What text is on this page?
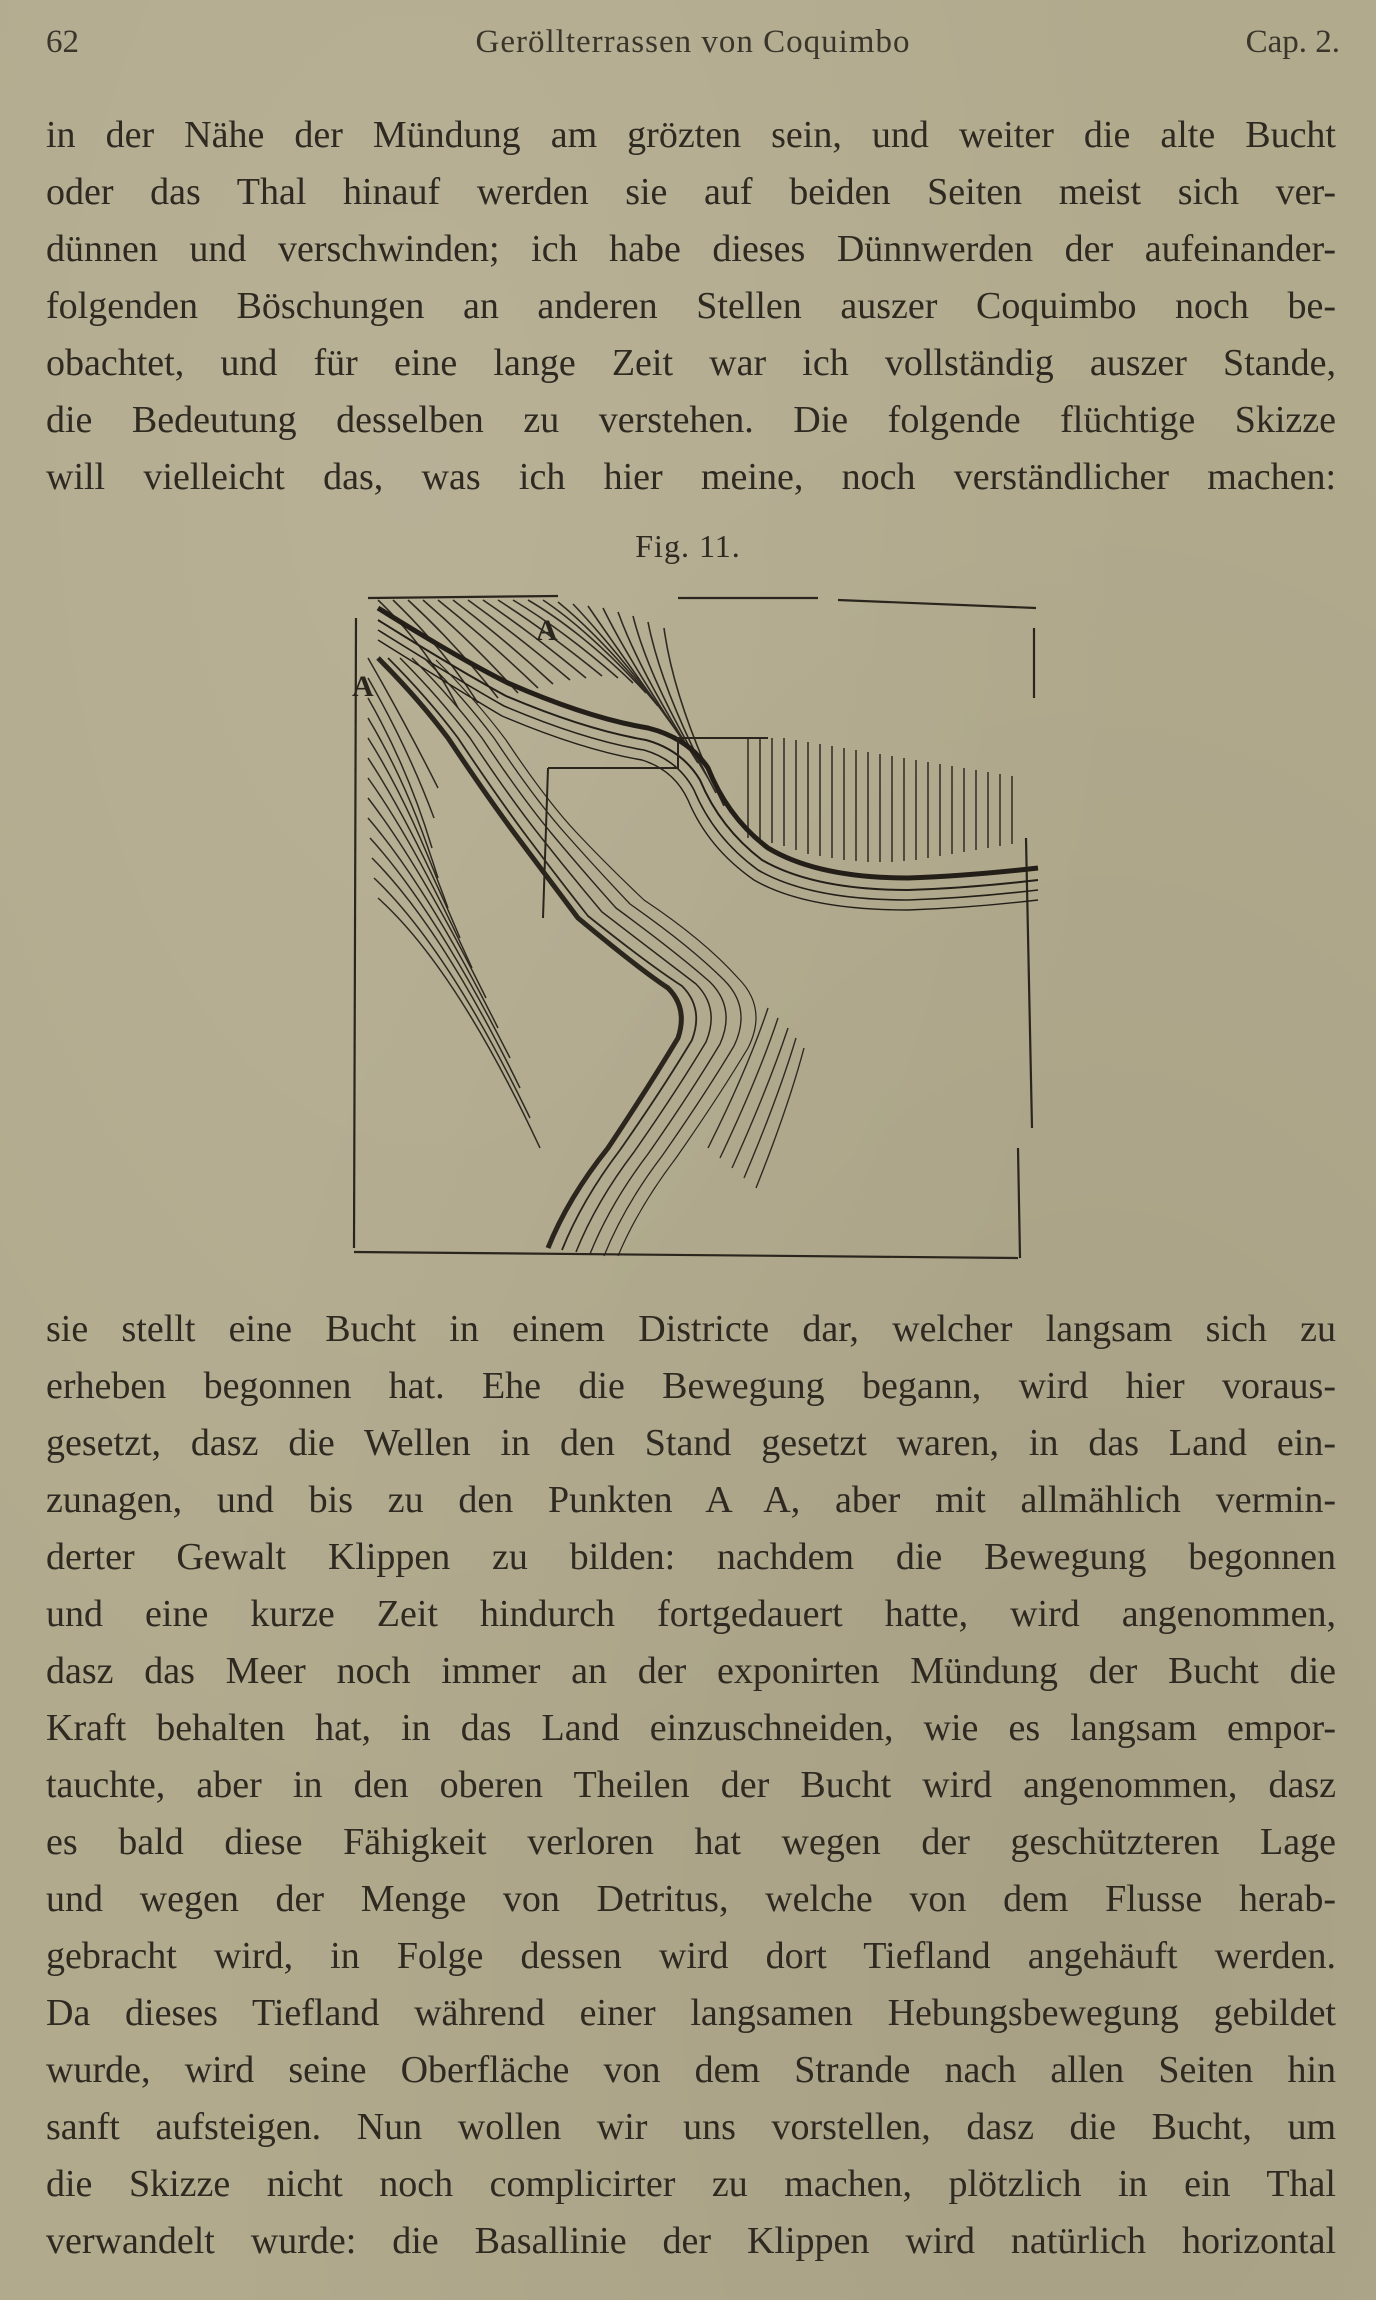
62	Geröllterrassen von Coquimbo	Cap. 2.
in der Nähe der Mündung am grözten sein, und weiter die alte Bucht
oder das Thal hinauf werden sie auf beiden Seiten meist sich ver-
dünnen und verschwinden; ich habe dieses Dünnwerden der aufeinander-
folgenden Böschungen an anderen Stellen auszer Coquimbo noch be-
obachtet, und für eine lange Zeit war ich vollständig auszer Stande,
die Bedeutung desselben zu verstehen. Die folgende flüchtige Skizze
will vielleicht das, was ich hier meine, noch verständlicher machen:
Fig. 11.
A
A
sie stellt eine Bucht in einem Districte dar, welcher langsam sich zu
erheben begonnen hat. Ehe die Bewegung begann, wird hier voraus-
gesetzt, dasz die Wellen in den Stand gesetzt waren, in das Land ein-
zunagen, und bis zu den Punkten A A, aber mit allmählich vermin-
derter Gewalt Klippen zu bilden: nachdem die Bewegung begonnen
und eine kurze Zeit hindurch fortgedauert hatte, wird angenommen,
dasz das Meer noch immer an der exponirten Mündung der Bucht die
Kraft behalten hat, in das Land einzuschneiden, wie es langsam empor-
tauchte, aber in den oberen Theilen der Bucht wird angenommen, dasz
es bald diese Fähigkeit verloren hat wegen der geschützteren Lage
und wegen der Menge von Detritus, welche von dem Flusse herab-
gebracht wird, in Folge dessen wird dort Tiefland angehäuft werden.
Da dieses Tiefland während einer langsamen Hebungsbewegung gebildet
wurde, wird seine Oberfläche von dem Strande nach allen Seiten hin
sanft aufsteigen. Nun wollen wir uns vorstellen, dasz die Bucht, um
die Skizze nicht noch complicirter zu machen, plötzlich in ein Thal
verwandelt wurde: die Basallinie der Klippen wird natürlich horizontal
